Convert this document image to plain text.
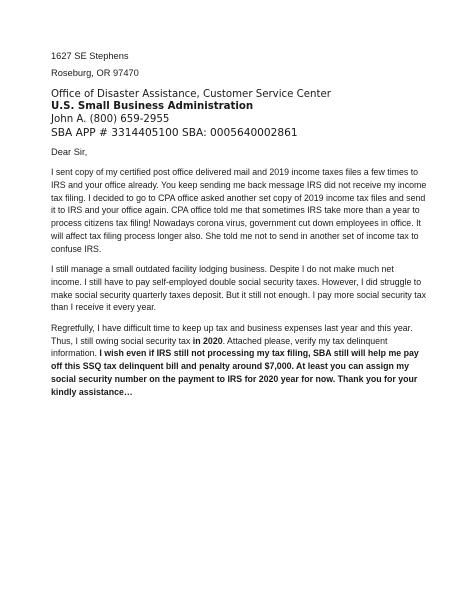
1627 SE Stephens
Roseburg, OR 97470
Office of Disaster Assistance, Customer Service Center
U.S. Small Business Administration
John A. (800) 659-2955
SBA APP # 3314405100 SBA: 0005640002861
Dear Sir,

I sent copy of my certified post office delivered mail and 2019 income taxes files a few times to IRS and your office already. You keep sending me back message IRS did not receive my income tax filing. I decided to go to CPA office asked another set copy of 2019 income tax files and send it to IRS and your office again. CPA office told me that sometimes IRS take more than a year to process citizens tax filing! Nowadays corona virus, government cut down employees in office. It will affect tax filing process longer also. She told me not to send in another set of income tax to confuse IRS.

I still manage a small outdated facility lodging business. Despite I do not make much net income. I still have to pay self-employed double social security taxes. However, I did struggle to make social security quarterly taxes deposit. But it still not enough. I pay more social security tax than I receive it every year.

Regretfully, I have difficult time to keep up tax and business expenses last year and this year. Thus, I still owing social security tax in 2020. Attached please, verify my tax delinquent information. I wish even if IRS still not processing my tax filing, SBA still will help me pay off this SSQ tax delinquent bill and penalty around $7,000. At least you can assign my social security number on the payment to IRS for 2020 year for now. Thank you for your kindly assistance…
